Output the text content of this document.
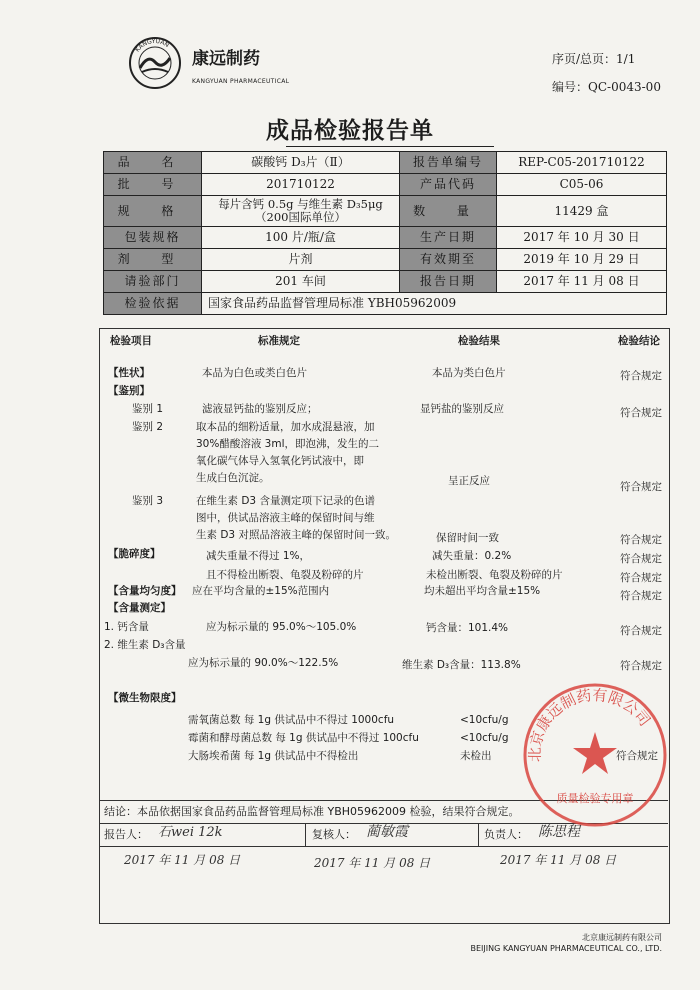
KANGYUAN
康远制药
KANGYUAN PHARMACEUTICAL
序页/总页：1/1
编号：QC-0043-00
成品检验报告单
品 名	碳酸钙 D₃片（Ⅱ）	报告单编号	REP-C05-201710122
批 号	201710122	产品代码	C05-06
规 格	每片含钙 0.5g 与维生素 D₃5μg（200国际单位）	数 量	11429 盒
包装规格	100 片/瓶/盒	生产日期	2017 年 10 月 30 日
剂 型	片剂	有效期至	2019 年 10 月 29 日
请验部门	201 车间	报告日期	2017 年 11 月 08 日
检验依据	国家食品药品监督管理局标准 YBH05962009		
检验项目	标准规定	检验结果	检验结论
【性状】	本品为白色或类白色片	本品为类白色片	符合规定
【鉴别】
鉴别 1	滤液显钙盐的鉴别反应；	显钙盐的鉴别反应	符合规定
鉴别 2	取本品的细粉适量，加水成混悬液，加
30%醋酸溶液 3ml，即泡沸，发生的二
氧化碳气体导入氢氧化钙试液中，即
生成白色沉淀。	呈正反应	符合规定
鉴别 3	在维生素 D3 含量测定项下记录的色谱
图中，供试品溶液主峰的保留时间与维
生素 D3 对照品溶液主峰的保留时间一致。	保留时间一致	符合规定
【脆碎度】	减失重量不得过 1%，	减失重量：0.2%	符合规定
且不得检出断裂、龟裂及粉碎的片	未检出断裂、龟裂及粉碎的片	符合规定
【含量均匀度】 应在平均含量的±15%范围内	均未超出平均含量±15%	符合规定
【含量测定】
1. 钙含量	应为标示量的 95.0%～105.0%	钙含量：101.4%	符合规定
2. 维生素 D₃含量
应为标示量的 90.0%～122.5%	维生素 D₃含量：113.8%	符合规定
【微生物限度】
需氧菌总数 每 1g 供试品中不得过 1000cfu	<10cfu/g
霉菌和酵母菌总数 每 1g 供试品中不得过 100cfu	<10cfu/g
大肠埃希菌 每 1g 供试品中不得检出	未检出	符合规定
结论：本品依据国家食品药品监督管理局标准 YBH05962009 检验，结果符合规定。
报告人： 石wei 12k	复核人： 蔺敏霞	负责人： 陈思程
2017 年 11 月 08 日	2017 年 11 月 08 日	2017 年 11 月 08 日
北京康远制药有限公司
质量检验专用章
北京康远制药有限公司
BEIJING KANGYUAN PHARMACEUTICAL CO., LTD.
